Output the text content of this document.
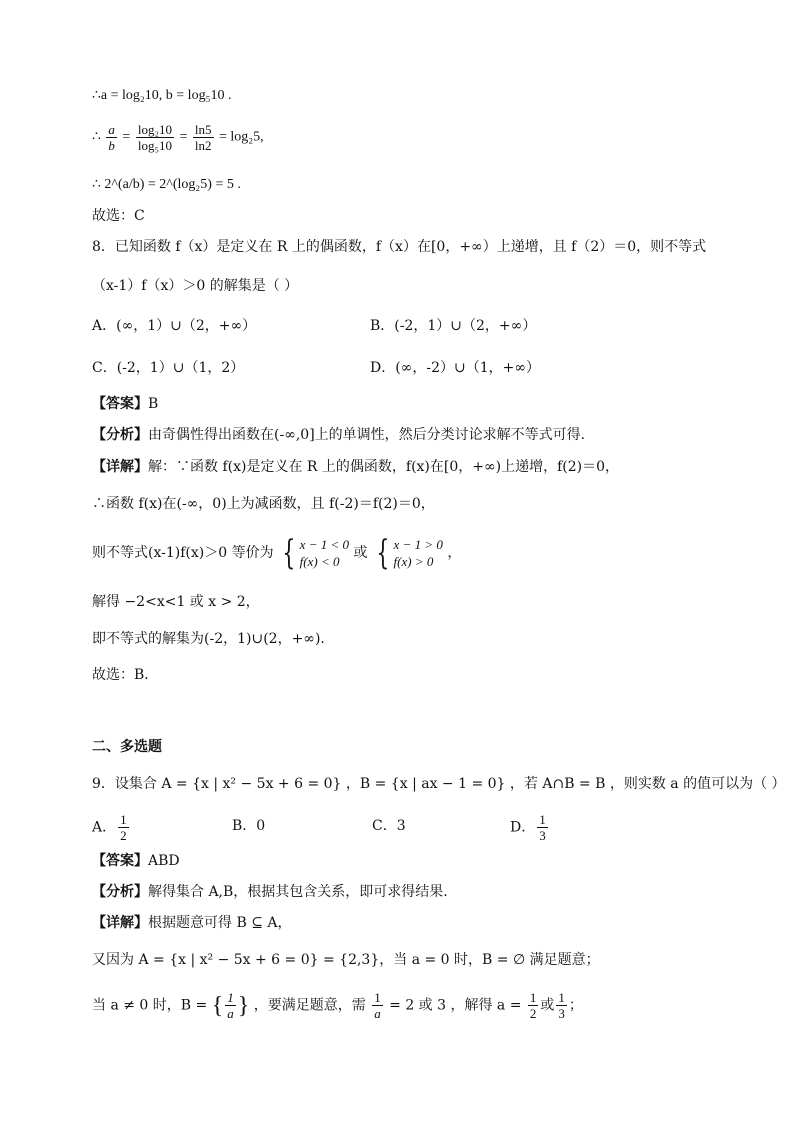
∴a = log₂10, b = log₅10 .
∴ $\frac{a}{b} = \frac{\text{log₂10}}{\text{log₅10}} = \frac{\ln 5}{\ln 2} = \log_25$,
∴ 2^(a/b) = 2^(log₂5) = 5 .
故选：C
8．已知函数 f（x）是定义在 R 上的偶函数，f（x）在[0，+∞）上递增，且 f（2）＝0，则不等式
（x-1）f（x）＞0 的解集是（ ）
A．(∞，1）∪（2，+∞）	B．(-2，1）∪（2，+∞）
C．(-2，1）∪（1，2）	D．(∞，-2）∪（1，+∞）
【答案】B
【分析】由奇偶性得出函数在(-∞,0]上的单调性，然后分类讨论求解不等式可得.
【详解】解：∵函数 f(x)是定义在 R 上的偶函数，f(x)在[0，+∞)上递增，f(2)＝0，
∴函数 f(x)在(-∞，0)上为减函数，且 f(-2)＝f(2)＝0，
则不等式(x-1)f(x)＞0 等价为 { x − 1 < 0
f(x) < 0
或 { x − 1 > 0
f(x) > 0
，
解得 −2<x<1 或 x > 2，
即不等式的解集为(-2，1)∪(2，+∞).
故选：B．
二、多选题
9．设集合 A = {x | x² − 5x + 6 = 0} ，B = {x | ax − 1 = 0} ，若 A∩B = B ，则实数 a 的值可以为（ ）
A． $\frac{1}{2}$	B．0	C．3	D． $\frac{1}{3}$
【答案】ABD
【分析】解得集合 A,B，根据其包含关系，即可求得结果.
【详解】根据题意可得 B ⊆ A，
又因为 A = {x | x² − 5x + 6 = 0} = {2,3}，当 a = 0 时，B = ∅ 满足题意；
当 a ≠ 0 时，B = { $\frac{1}{a}$ } ，要满足题意，需 $\frac{1}{a} = 2$ 或 3 ，解得 $a = \frac{1}{2}$ 或 $\frac{1}{3}$ ；
